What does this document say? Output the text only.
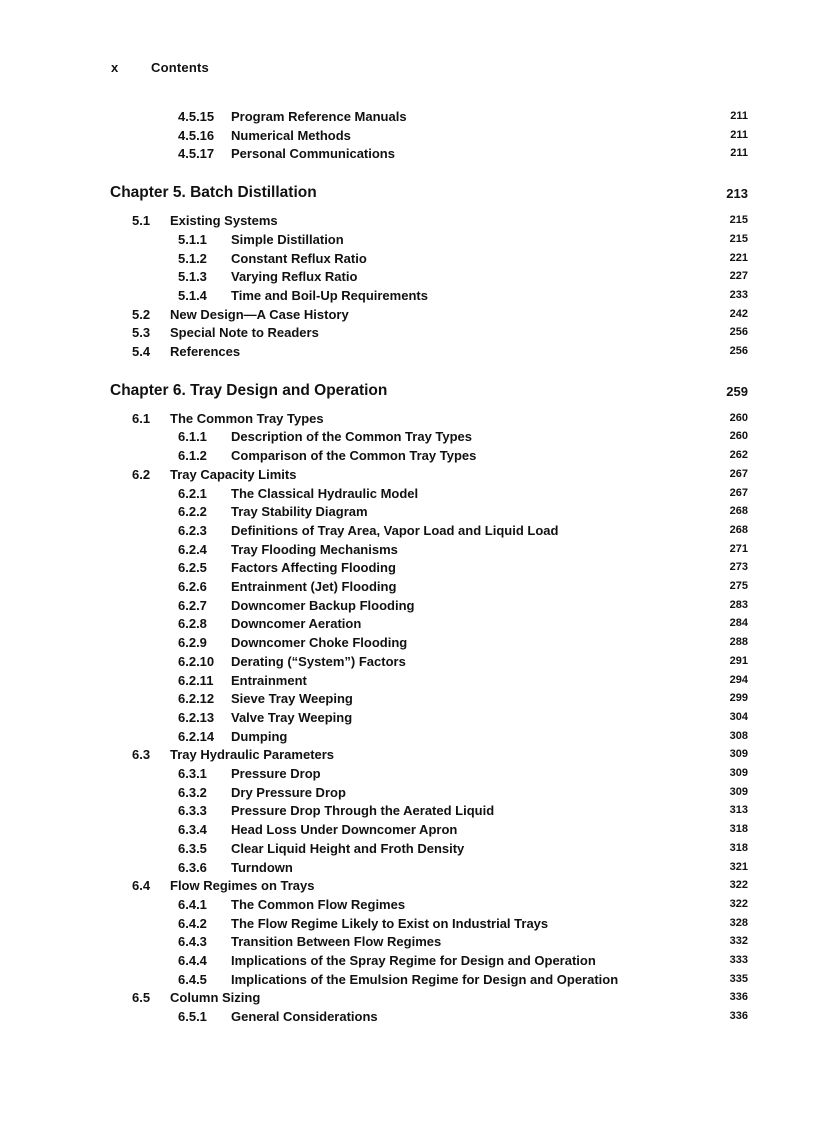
x	Contents
4.5.15 Program Reference Manuals	211
4.5.16 Numerical Methods	211
4.5.17 Personal Communications	211
Chapter 5. Batch Distillation	213
5.1 Existing Systems	215
5.1.1 Simple Distillation	215
5.1.2 Constant Reflux Ratio	221
5.1.3 Varying Reflux Ratio	227
5.1.4 Time and Boil-Up Requirements	233
5.2 New Design—A Case History	242
5.3 Special Note to Readers	256
5.4 References	256
Chapter 6. Tray Design and Operation	259
6.1 The Common Tray Types	260
6.1.1 Description of the Common Tray Types	260
6.1.2 Comparison of the Common Tray Types	262
6.2 Tray Capacity Limits	267
6.2.1 The Classical Hydraulic Model	267
6.2.2 Tray Stability Diagram	268
6.2.3 Definitions of Tray Area, Vapor Load and Liquid Load	268
6.2.4 Tray Flooding Mechanisms	271
6.2.5 Factors Affecting Flooding	273
6.2.6 Entrainment (Jet) Flooding	275
6.2.7 Downcomer Backup Flooding	283
6.2.8 Downcomer Aeration	284
6.2.9 Downcomer Choke Flooding	288
6.2.10 Derating (“System”) Factors	291
6.2.11 Entrainment	294
6.2.12 Sieve Tray Weeping	299
6.2.13 Valve Tray Weeping	304
6.2.14 Dumping	308
6.3 Tray Hydraulic Parameters	309
6.3.1 Pressure Drop	309
6.3.2 Dry Pressure Drop	309
6.3.3 Pressure Drop Through the Aerated Liquid	313
6.3.4 Head Loss Under Downcomer Apron	318
6.3.5 Clear Liquid Height and Froth Density	318
6.3.6 Turndown	321
6.4 Flow Regimes on Trays	322
6.4.1 The Common Flow Regimes	322
6.4.2 The Flow Regime Likely to Exist on Industrial Trays	328
6.4.3 Transition Between Flow Regimes	332
6.4.4 Implications of the Spray Regime for Design and Operation	333
6.4.5 Implications of the Emulsion Regime for Design and Operation	335
6.5 Column Sizing	336
6.5.1 General Considerations	336
